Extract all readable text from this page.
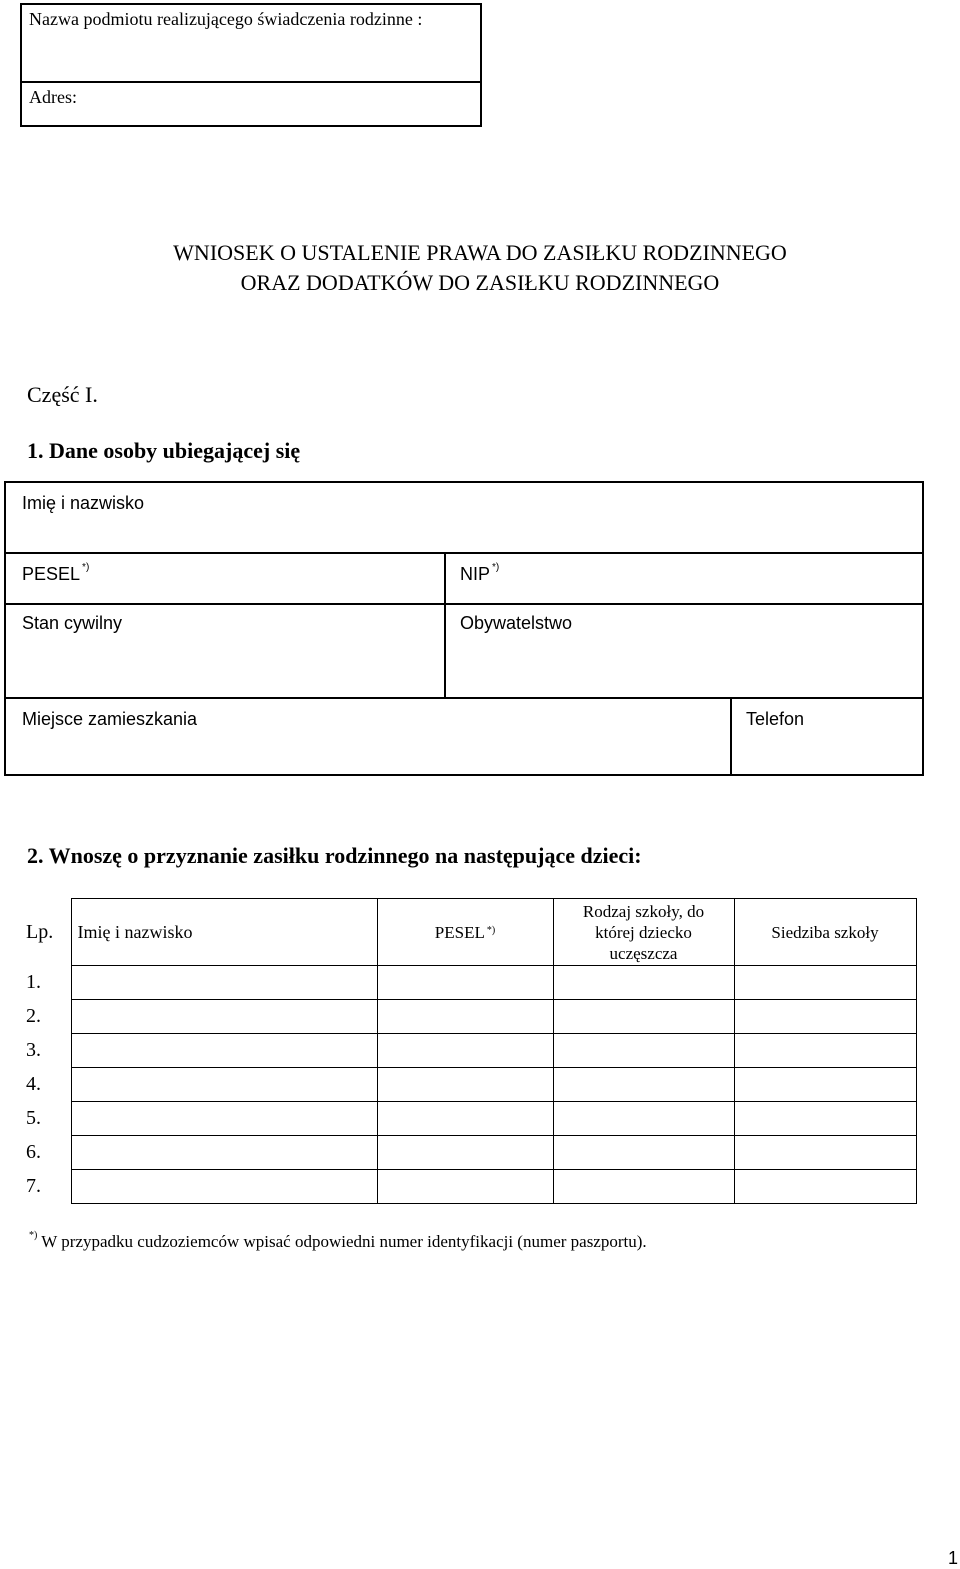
Nazwa podmiotu realizującego świadczenia rodzinne :
Adres:
WNIOSEK O USTALENIE PRAWA DO ZASIŁKU RODZINNEGO
ORAZ DODATKÓW DO ZASIŁKU RODZINNEGO
Część I.
1. Dane osoby ubiegającej się
Imię i nazwisko
PESEL *)	NIP *)
Stan cywilny	Obywatelstwo
Miejsce zamieszkania	Telefon
2. Wnoszę o przyznanie zasiłku rodzinnego na następujące dzieci:
Lp.	Imię i nazwisko	PESEL *)	Rodzaj szkoły, do której dziecko uczęszcza	Siedziba szkoły
1.				
2.				
3.				
4.				
5.				
6.				
7.				
*) W przypadku cudzoziemców wpisać odpowiedni numer identyfikacji (numer paszportu).
1
